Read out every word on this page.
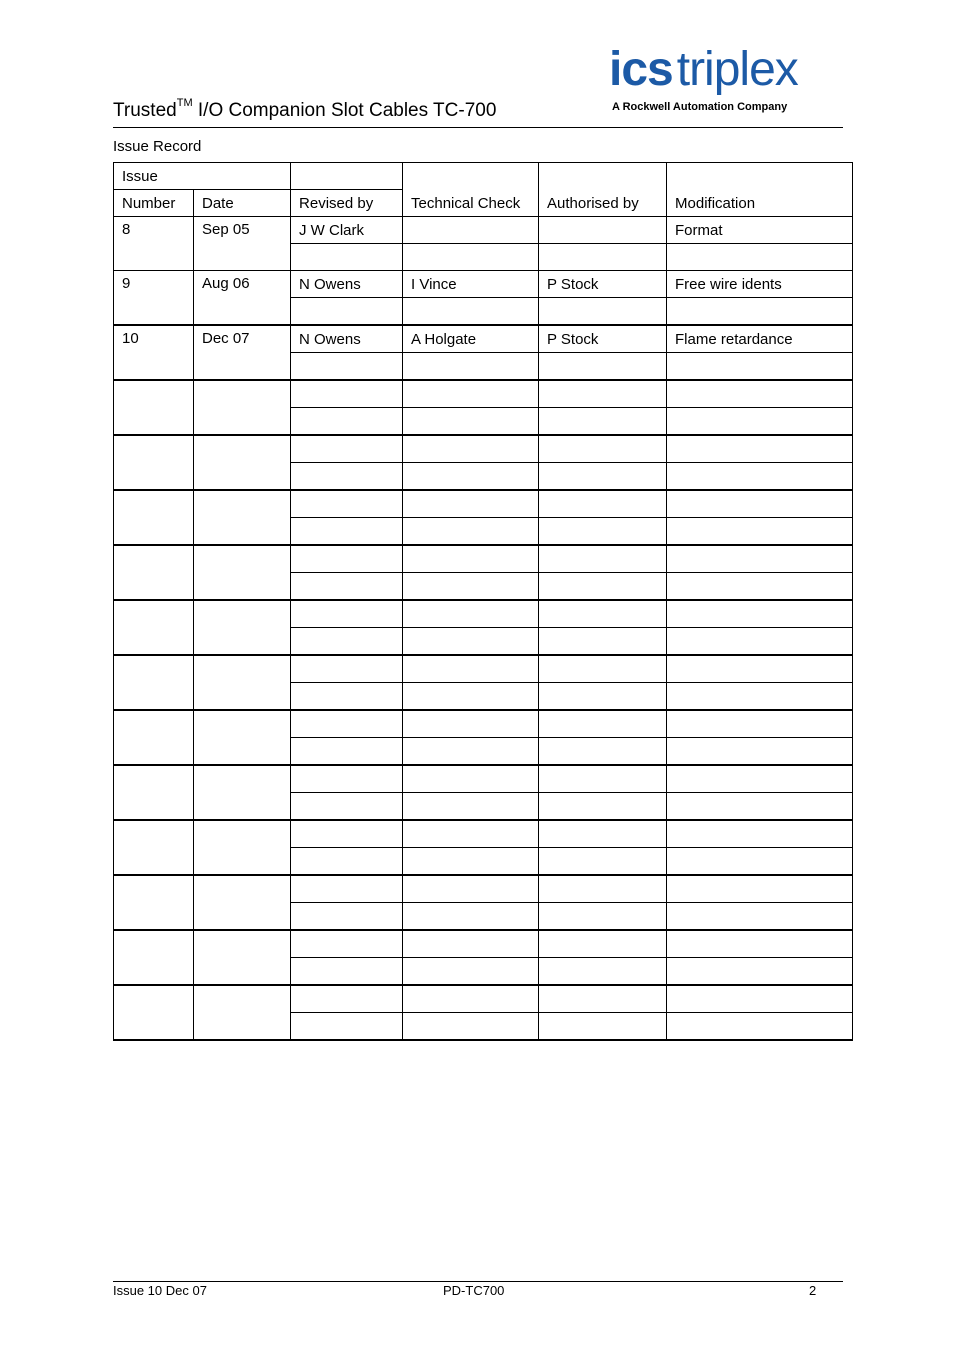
Trusted™ I/O Companion Slot Cables TC-700
icstriplex
A Rockwell Automation Company
Issue Record
Issue			Technical Check	Authorised by	Modification
Number	Date	Revised by			
8	Sep 05	J W Clark			Format

9	Aug 06	N Owens	I Vince	P Stock	Free wire idents

10	Dec 07	N Owens	A Holgate	P Stock	Flame retardance

Issue 10 Dec 07	PD-TC700	2
